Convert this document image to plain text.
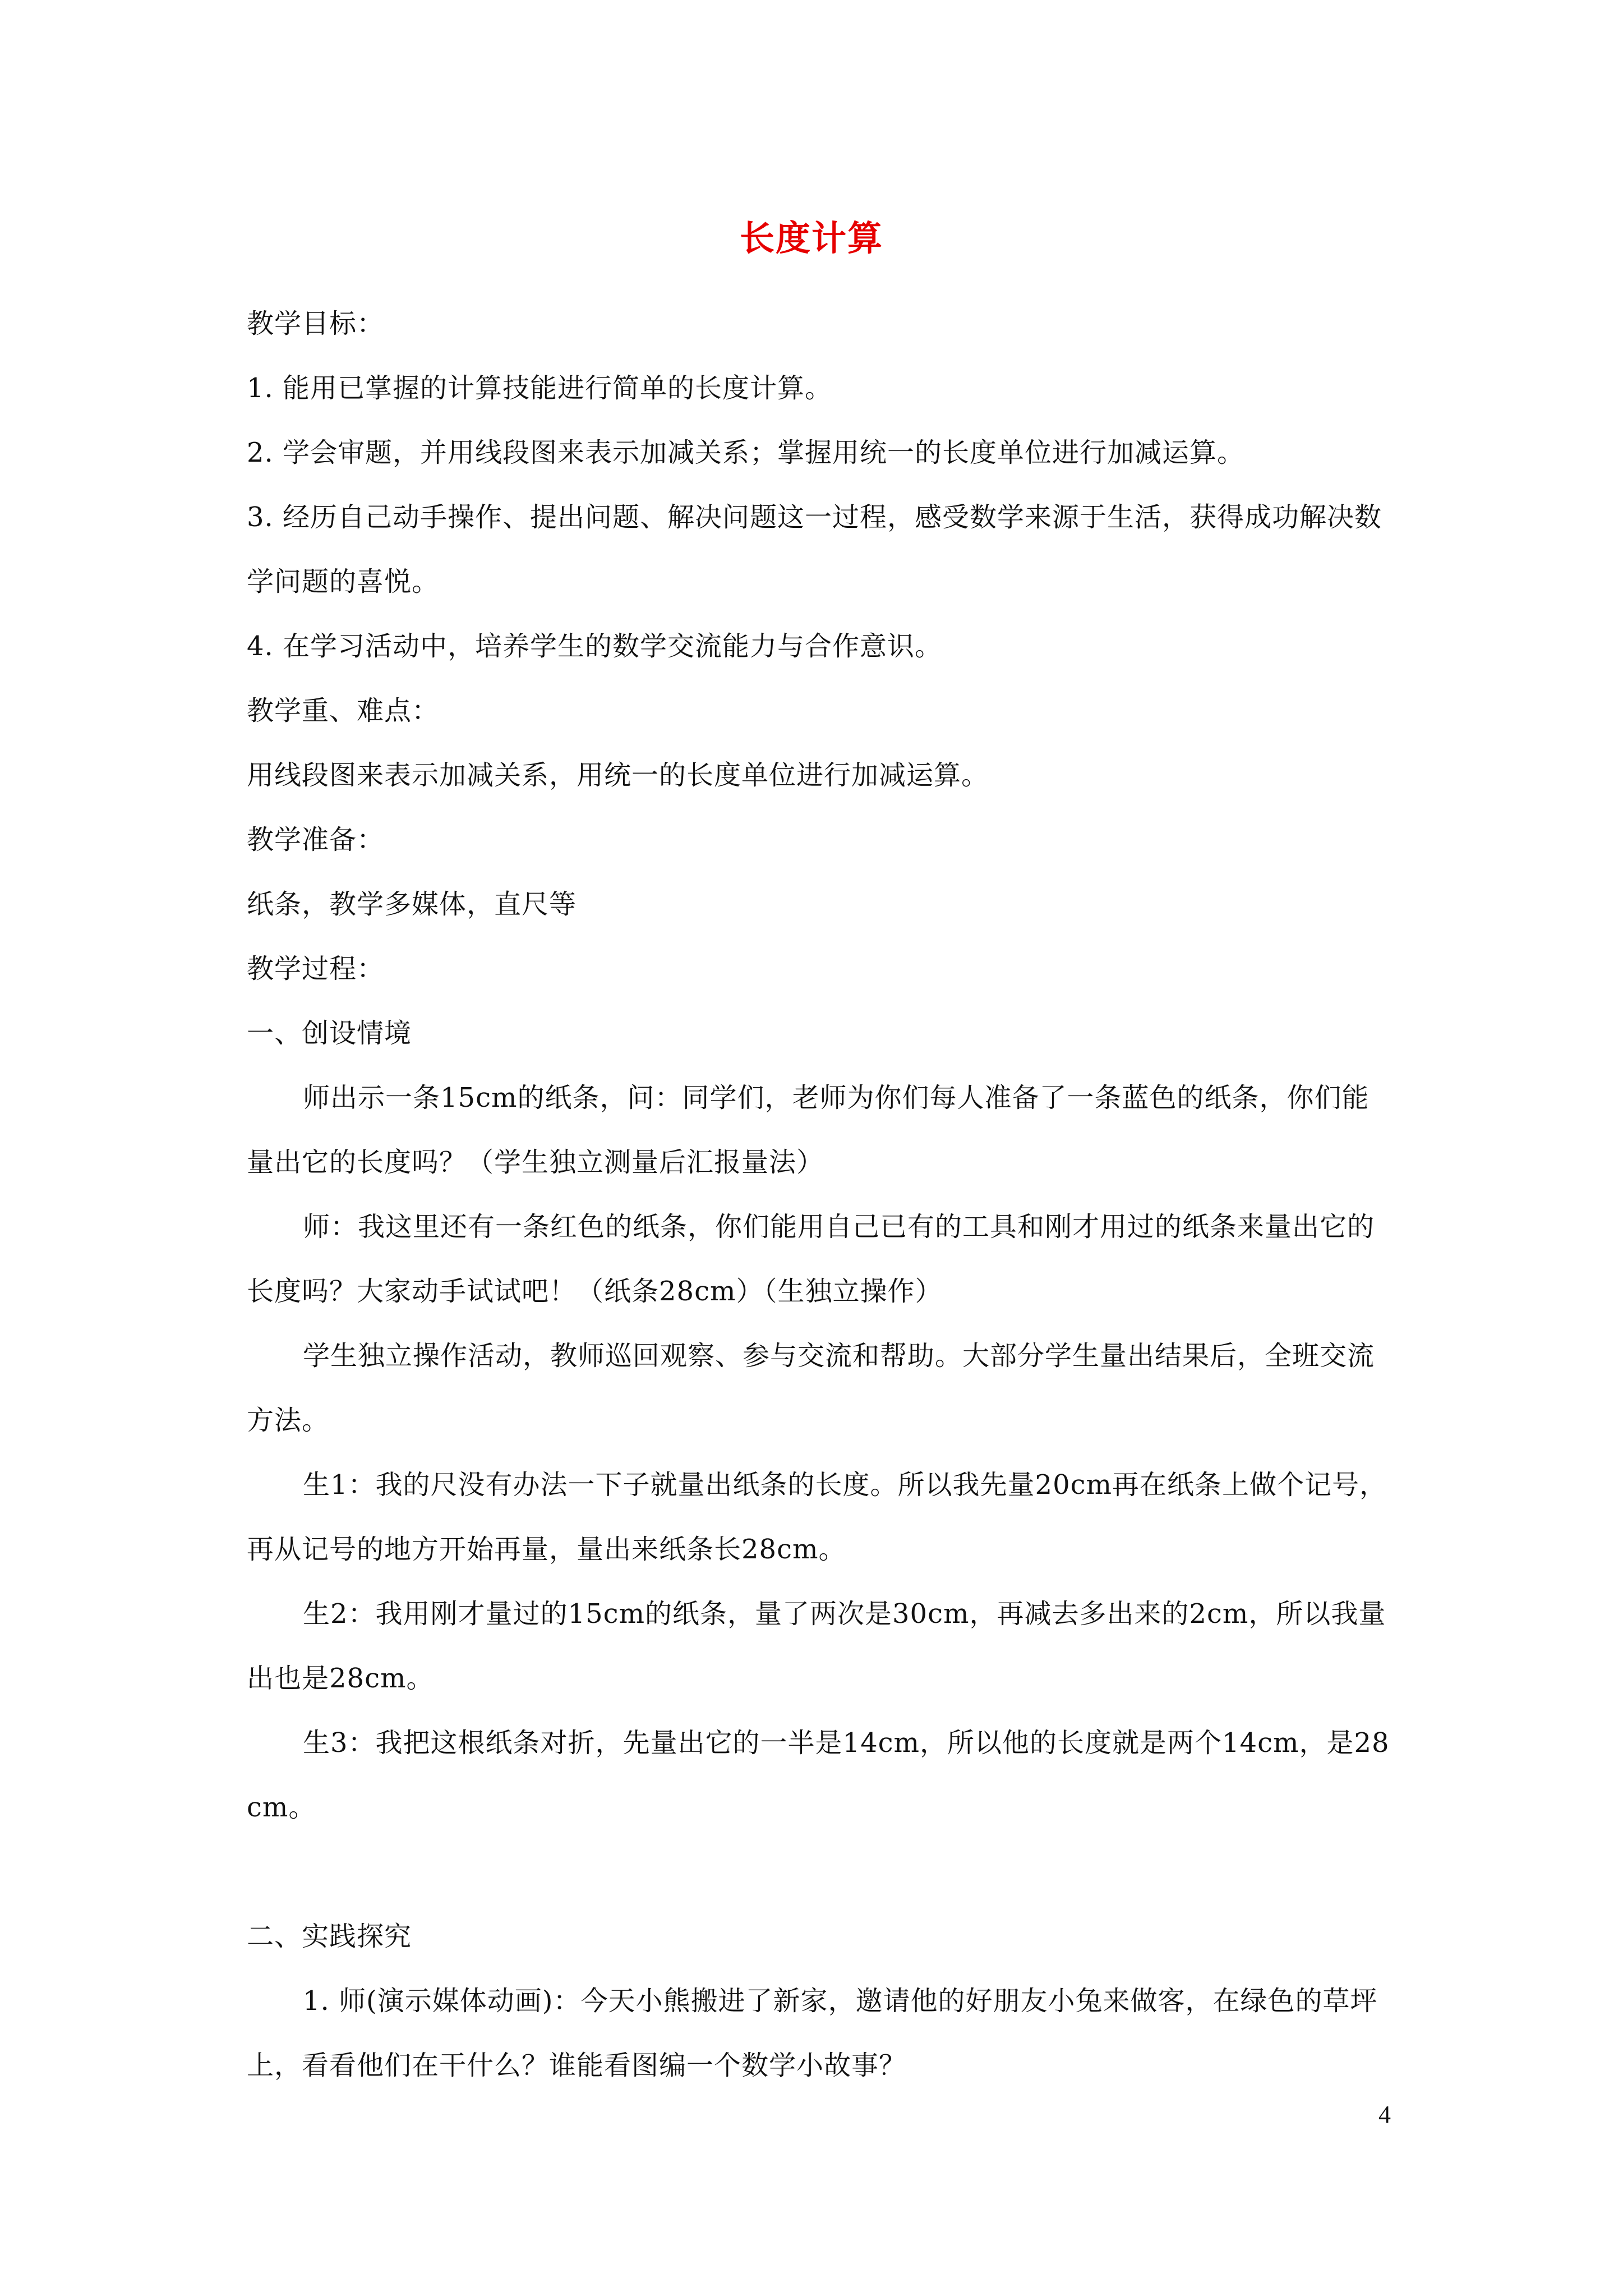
长度计算

教学目标：

1. 能用已掌握的计算技能进行简单的长度计算。

2. 学会审题，并用线段图来表示加减关系；掌握用统一的长度单位进行加减运算。

3. 经历自己动手操作、提出问题、解决问题这一过程，感受数学来源于生活，获得成功解决数学问题的喜悦。

4. 在学习活动中，培养学生的数学交流能力与合作意识。

教学重、难点：

用线段图来表示加减关系，用统一的长度单位进行加减运算。

教学准备：

纸条，教学多媒体，直尺等

教学过程：

一、创设情境

师出示一条15cm的纸条，问：同学们，老师为你们每人准备了一条蓝色的纸条，你们能量出它的长度吗？（学生独立测量后汇报量法）

师：我这里还有一条红色的纸条，你们能用自己已有的工具和刚才用过的纸条来量出它的长度吗？大家动手试试吧！（纸条28cm）（生独立操作）

学生独立操作活动，教师巡回观察、参与交流和帮助。大部分学生量出结果后，全班交流方法。

生1：我的尺没有办法一下子就量出纸条的长度。所以我先量20cm再在纸条上做个记号，再从记号的地方开始再量，量出来纸条长28cm。

生2：我用刚才量过的15cm的纸条，量了两次是30cm，再减去多出来的2cm，所以我量出也是28cm。

生3：我把这根纸条对折，先量出它的一半是14cm，所以他的长度就是两个14cm，是28cm。

二、实践探究

1. 师(演示媒体动画)：今天小熊搬进了新家，邀请他的好朋友小兔来做客，在绿色的草坪上，看看他们在干什么？谁能看图编一个数学小故事？

4
